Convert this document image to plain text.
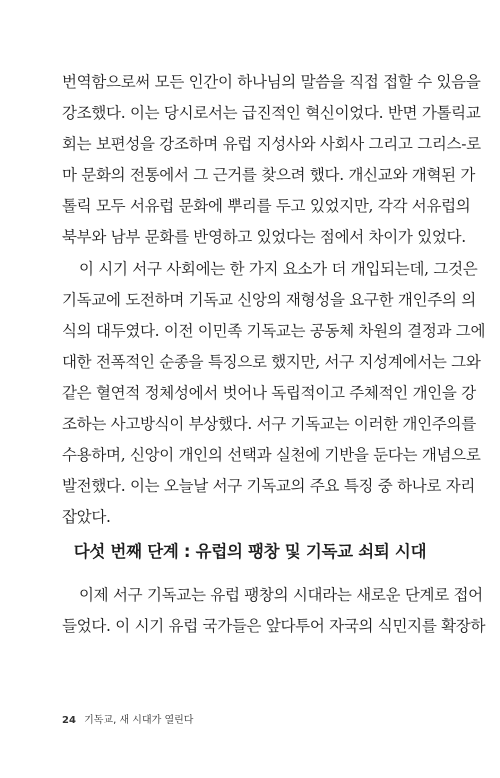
번역함으로써 모든 인간이 하나님의 말씀을 직접 접할 수 있음을
강조했다. 이는 당시로서는 급진적인 혁신이었다. 반면 가톨릭교
회는 보편성을 강조하며 유럽 지성사와 사회사 그리고 그리스-로
마 문화의 전통에서 그 근거를 찾으려 했다. 개신교와 개혁된 가
톨릭 모두 서유럽 문화에 뿌리를 두고 있었지만, 각각 서유럽의
북부와 남부 문화를 반영하고 있었다는 점에서 차이가 있었다.
이 시기 서구 사회에는 한 가지 요소가 더 개입되는데, 그것은
기독교에 도전하며 기독교 신앙의 재형성을 요구한 개인주의 의
식의 대두였다. 이전 이민족 기독교는 공동체 차원의 결정과 그에
대한 전폭적인 순종을 특징으로 했지만, 서구 지성계에서는 그와
같은 혈연적 정체성에서 벗어나 독립적이고 주체적인 개인을 강
조하는 사고방식이 부상했다. 서구 기독교는 이러한 개인주의를
수용하며, 신앙이 개인의 선택과 실천에 기반을 둔다는 개념으로
발전했다. 이는 오늘날 서구 기독교의 주요 특징 중 하나로 자리
잡았다.
다섯 번째 단계 : 유럽의 팽창 및 기독교 쇠퇴 시대
이제 서구 기독교는 유럽 팽창의 시대라는 새로운 단계로 접어
들었다. 이 시기 유럽 국가들은 앞다투어 자국의 식민지를 확장하
24 기독교, 새 시대가 열린다
